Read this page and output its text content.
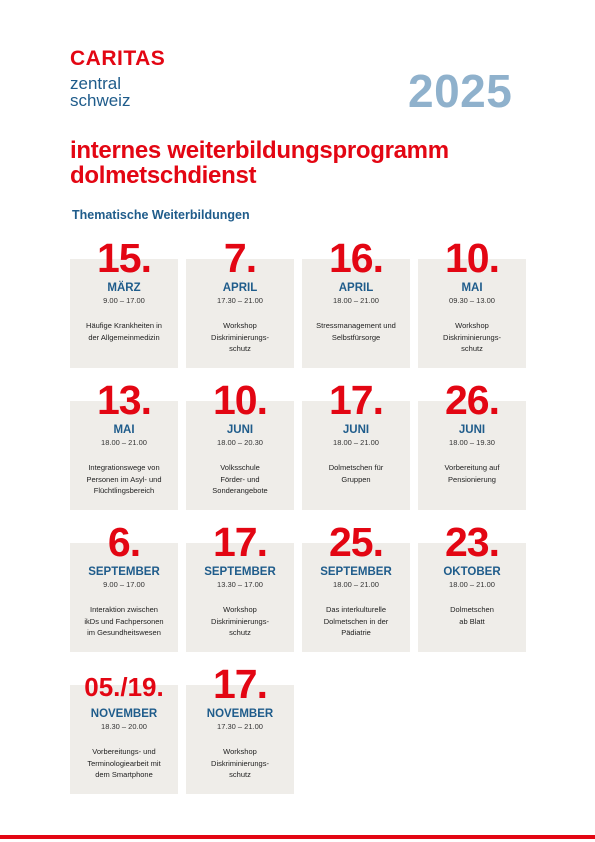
CARITAS
zentral
schweiz	2025
internes weiterbildungsprogramm
dolmetschdienst
Thematische Weiterbildungen
15.
MÄRZ
9.00 – 17.00
Häufige Krankheiten in
der Allgemeinmedizin
7.
APRIL
17.30 – 21.00
Workshop
Diskriminierungs-
schutz
16.
APRIL
18.00 – 21.00
Stressmanagement und
Selbstfürsorge
10.
MAI
09.30 – 13.00
Workshop
Diskriminierungs-
schutz
13.
MAI
18.00 – 21.00
Integrationswege von
Personen im Asyl- und
Flüchtlingsbereich
10.
JUNI
18.00 – 20.30
Volksschule
Förder- und
Sonderangebote
17.
JUNI
18.00 – 21.00
Dolmetschen für
Gruppen
26.
JUNI
18.00 – 19.30
Vorbereitung auf
Pensionierung
6.
SEPTEMBER
9.00 – 17.00
Interaktion zwischen
ikDs und Fachpersonen
im Gesundheitswesen
17.
SEPTEMBER
13.30 – 17.00
Workshop
Diskriminierungs-
schutz
25.
SEPTEMBER
18.00 – 21.00
Das interkulturelle
Dolmetschen in der
Pädiatrie
23.
OKTOBER
18.00 – 21.00
Dolmetschen
ab Blatt
05./19.
NOVEMBER
18.30 – 20.00
Vorbereitungs- und
Terminologiearbeit mit
dem Smartphone
17.
NOVEMBER
17.30 – 21.00
Workshop
Diskriminierungs-
schutz
